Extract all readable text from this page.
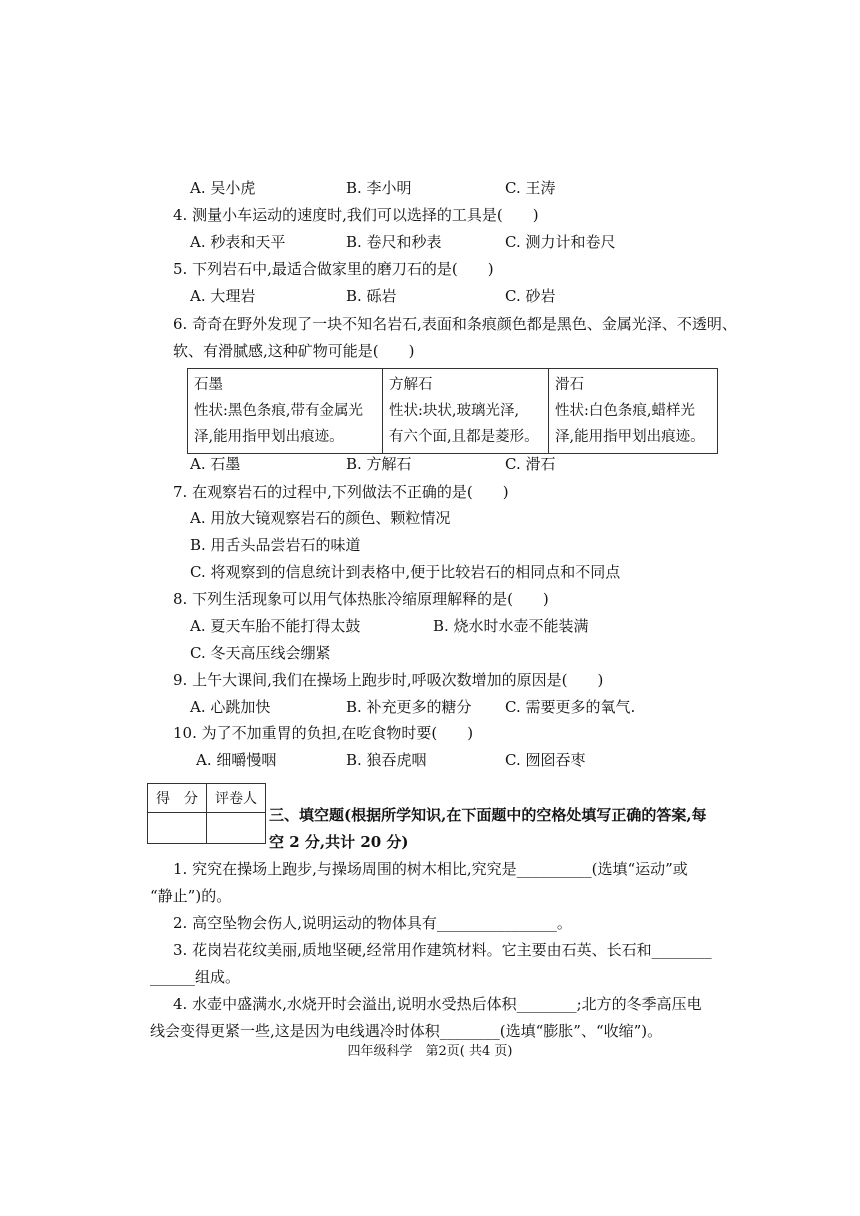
A. 吴小虎	B. 李小明	C. 王涛
4. 测量小车运动的速度时,我们可以选择的工具是(　　)
A. 秒表和天平	B. 卷尺和秒表	C. 测力计和卷尺
5. 下列岩石中,最适合做家里的磨刀石的是(　　)
A. 大理岩	B. 砾岩	C. 砂岩
6. 奇奇在野外发现了一块不知名岩石,表面和条痕颜色都是黑色、金属光泽、不透明、
软、有滑腻感,这种矿物可能是(　　)
石墨
性状:黑色条痕,带有金属光
泽,能用指甲划出痕迹。

方解石
性状:块状,玻璃光泽,
有六个面,且都是菱形。

滑石
性状:白色条痕,蜡样光
泽,能用指甲划出痕迹。
A. 石墨	B. 方解石	C. 滑石
7. 在观察岩石的过程中,下列做法不正确的是(　　)
A. 用放大镜观察岩石的颜色、颗粒情况
B. 用舌头品尝岩石的味道
C. 将观察到的信息统计到表格中,便于比较岩石的相同点和不同点
8. 下列生活现象可以用气体热胀冷缩原理解释的是(　　)
A. 夏天车胎不能打得太鼓	B. 烧水时水壶不能装满
C. 冬天高压线会绷紧
9. 上午大课间,我们在操场上跑步时,呼吸次数增加的原因是(　　)
A. 心跳加快	B. 补充更多的糖分 C. 需要更多的氧气.
10. 为了不加重胃的负担,在吃食物时要(　　)
A. 细嚼慢咽	B. 狼吞虎咽	C. 囫囵吞枣
得　分	评卷人

三、填空题(根据所学知识,在下面题中的空格处填写正确的答案,每
空 2 分,共计 20 分)
1. 究究在操场上跑步,与操场周围的树木相比,究究是__________(选填“运动”或
“静止”)的。
2. 高空坠物会伤人,说明运动的物体具有________________。
3. 花岗岩花纹美丽,质地坚硬,经常用作建筑材料。它主要由石英、长石和________
______组成。
4. 水壶中盛满水,水烧开时会溢出,说明水受热后体积________;北方的冬季高压电
线会变得更紧一些,这是因为电线遇冷时体积________(选填“膨胀”、“收缩”)。
四年级科学　第2页( 共4 页)
